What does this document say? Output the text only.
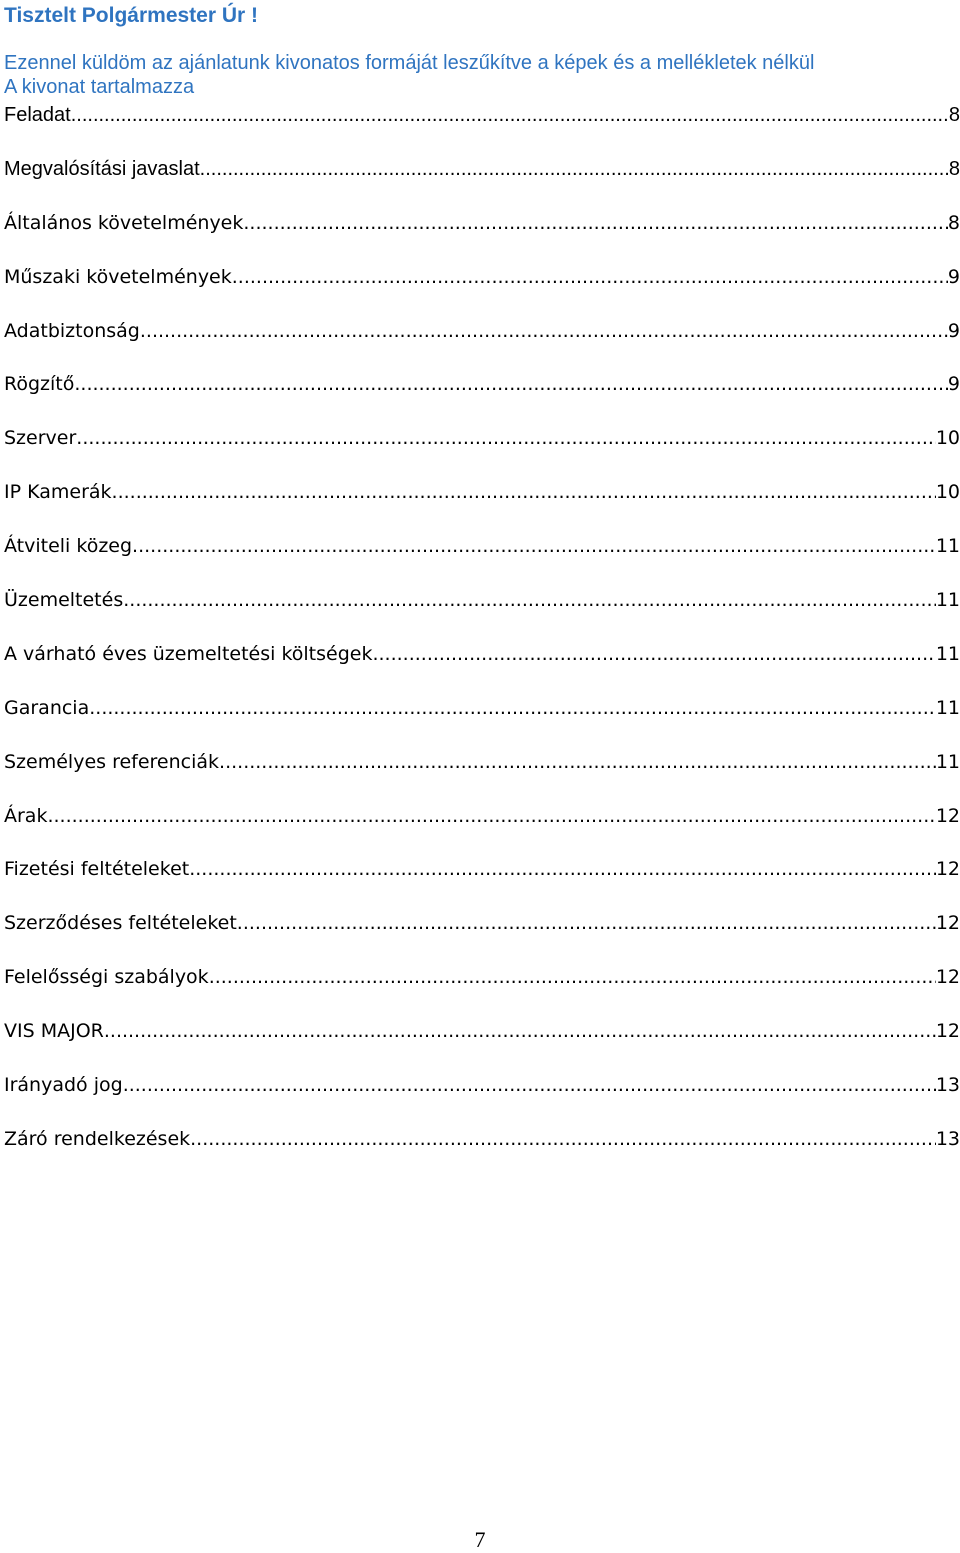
Tisztelt Polgármester Úr !
Ezennel küldöm az ajánlatunk kivonatos formáját leszűkítve a képek és a mellékletek nélkül
A kivonat tartalmazza
Feladat .....	8
Megvalósítási javaslat .....	8
Általános követelmények .....	8
Műszaki követelmények .....	9
Adatbiztonság .....	9
Rögzítő .....	9
Szerver .....	10
IP Kamerák .....	10
Átviteli közeg .....	11
Üzemeltetés .....	11
A várható éves üzemeltetési költségek .....	11
Garancia .....	11
Személyes referenciák .....	11
Árak .....	12
Fizetési feltételeket .....	12
Szerződéses feltételeket .....	12
Felelősségi szabályok .....	12
VIS MAJOR .....	12
Irányadó jog .....	13
Záró rendelkezések .....	13
7
